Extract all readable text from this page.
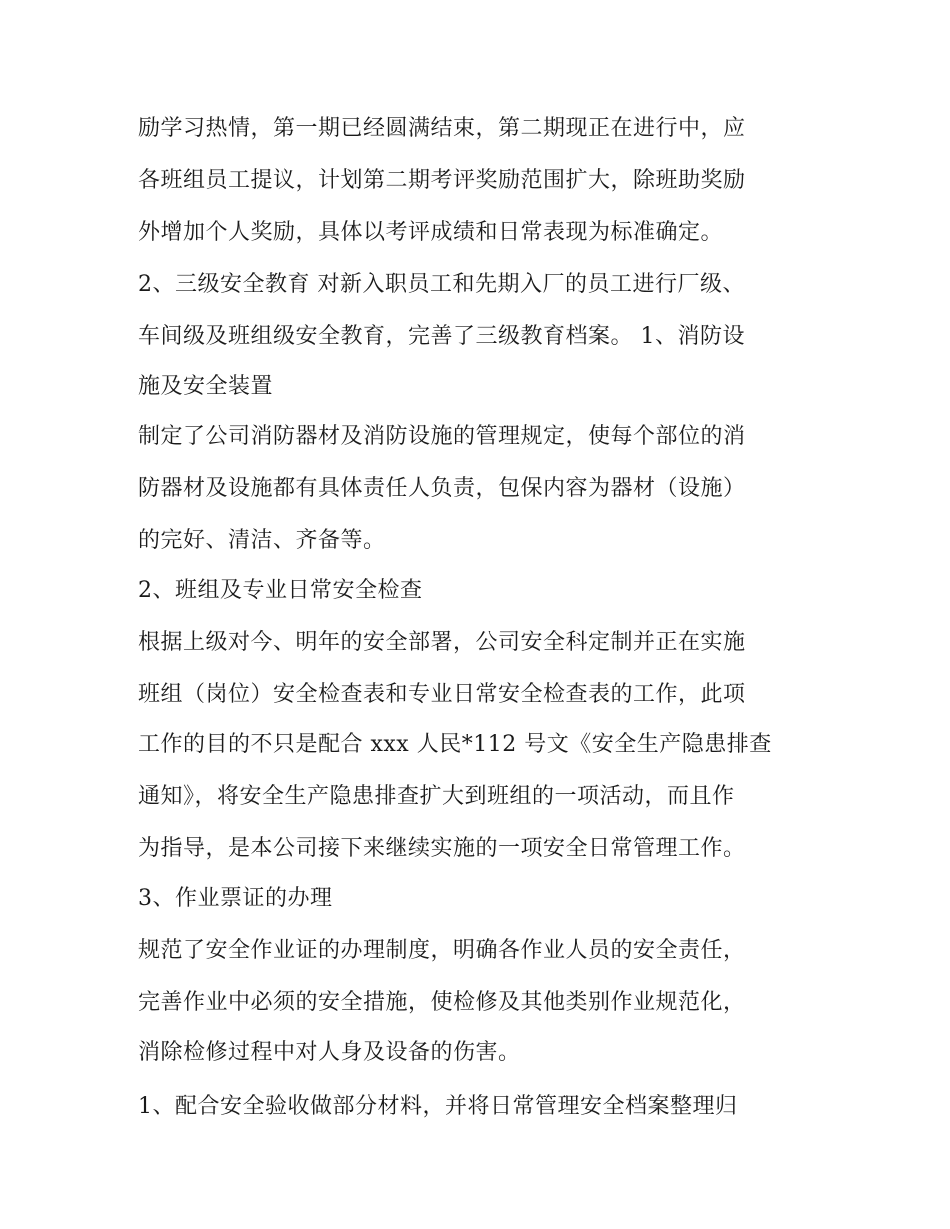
励学习热情，第一期已经圆满结束，第二期现正在进行中，应
各班组员工提议，计划第二期考评奖励范围扩大，除班助奖励
外增加个人奖励，具体以考评成绩和日常表现为标准确定。
2、三级安全教育 对新入职员工和先期入厂的员工进行厂级、
车间级及班组级安全教育，完善了三级教育档案。 1、消防设
施及安全装置
制定了公司消防器材及消防设施的管理规定，使每个部位的消
防器材及设施都有具体责任人负责，包保内容为器材（设施）
的完好、清洁、齐备等。
2、班组及专业日常安全检查
根据上级对今、明年的安全部署，公司安全科定制并正在实施
班组（岗位）安全检查表和专业日常安全检查表的工作，此项
工作的目的不只是配合 xxx 人民*112 号文《安全生产隐患排查
通知》，将安全生产隐患排查扩大到班组的一项活动，而且作
为指导，是本公司接下来继续实施的一项安全日常管理工作。
3、作业票证的办理
规范了安全作业证的办理制度，明确各作业人员的安全责任，
完善作业中必须的安全措施，使检修及其他类别作业规范化，
消除检修过程中对人身及设备的伤害。
1、配合安全验收做部分材料，并将日常管理安全档案整理归
